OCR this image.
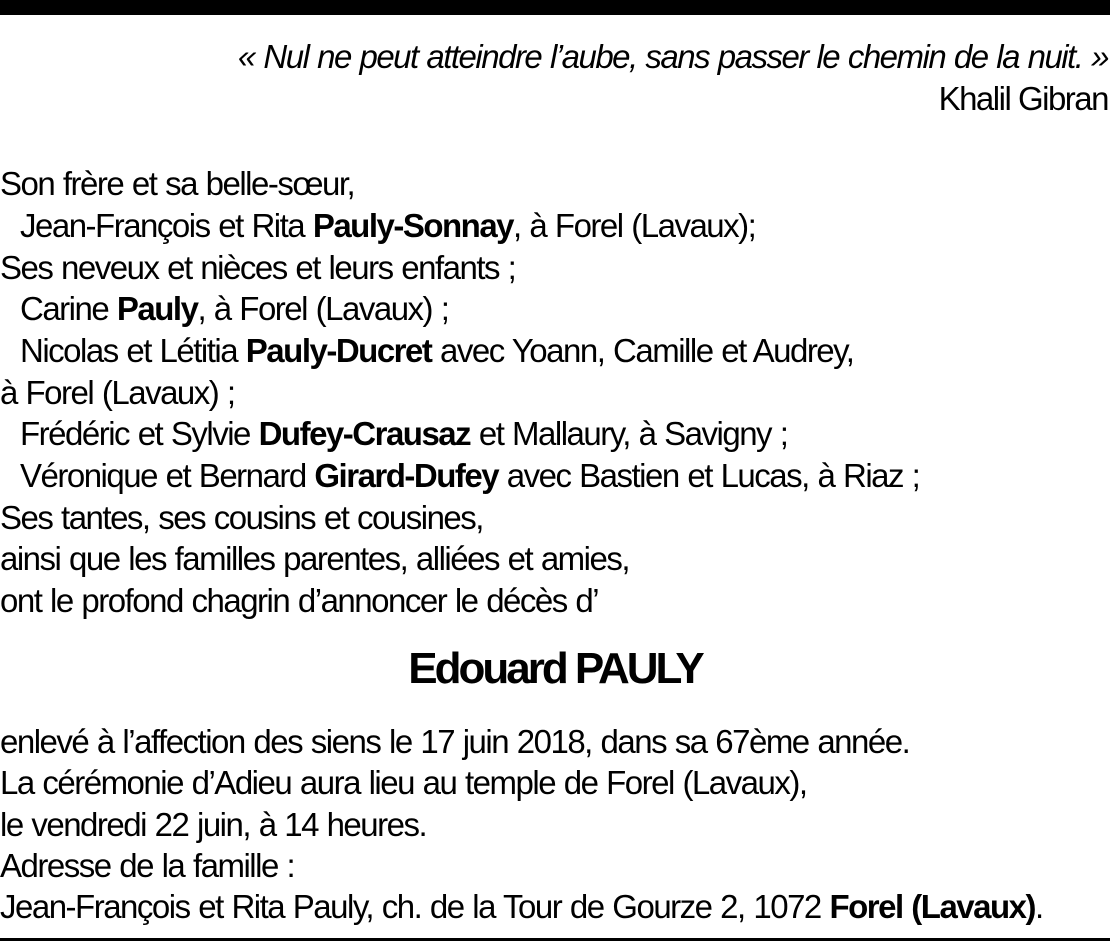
« Nul ne peut atteindre l’aube, sans passer le chemin de la nuit. »
Khalil Gibran
Son frère et sa belle-sœur,
Jean-François et Rita Pauly-Sonnay, à Forel (Lavaux);
Ses neveux et nièces et leurs enfants ;
Carine Pauly, à Forel (Lavaux) ;
Nicolas et Létitia Pauly-Ducret avec Yoann, Camille et Audrey,
à Forel (Lavaux) ;
Frédéric et Sylvie Dufey-Crausaz et Mallaury, à Savigny ;
Véronique et Bernard Girard-Dufey avec Bastien et Lucas, à Riaz ;
Ses tantes, ses cousins et cousines,
ainsi que les familles parentes, alliées et amies,
ont le profond chagrin d’annoncer le décès d’
Edouard PAULY
enlevé à l’affection des siens le 17 juin 2018, dans sa 67ème année.
La cérémonie d’Adieu aura lieu au temple de Forel (Lavaux),
le vendredi 22 juin, à 14 heures.
Adresse de la famille :
Jean-François et Rita Pauly, ch. de la Tour de Gourze 2, 1072 Forel (Lavaux).
